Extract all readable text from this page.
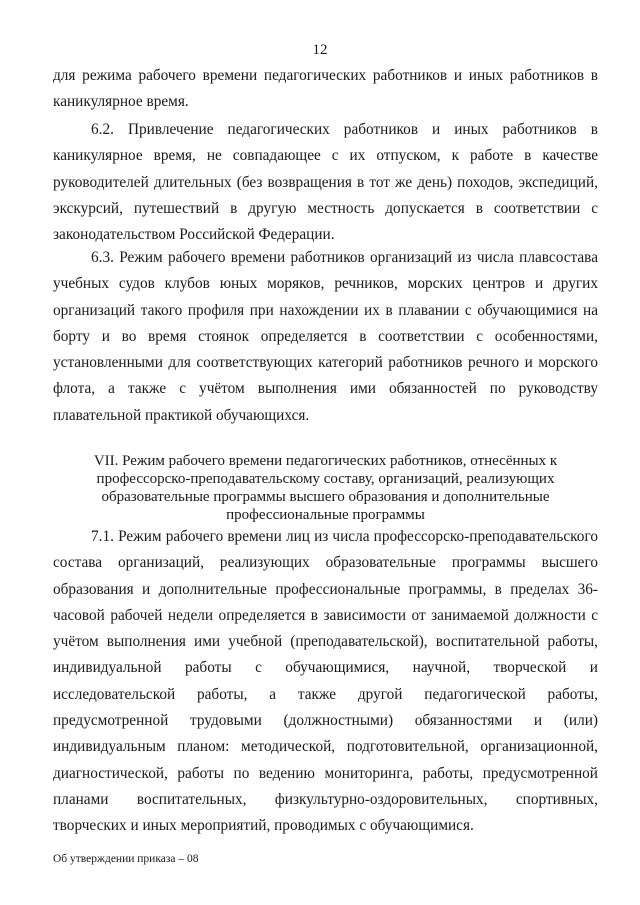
12

для режима рабочего времени педагогических работников и иных работников в каникулярное время.

6.2. Привлечение педагогических работников и иных работников в каникулярное время, не совпадающее с их отпуском, к работе в качестве руководителей длительных (без возвращения в тот же день) походов, экспедиций, экскурсий, путешествий в другую местность допускается в соответствии с законодательством Российской Федерации.

6.3. Режим рабочего времени работников организаций из числа плавсостава учебных судов клубов юных моряков, речников, морских центров и других организаций такого профиля при нахождении их в плавании с обучающимися на борту и во время стоянок определяется в соответствии с особенностями, установленными для соответствующих категорий работников речного и морского флота, а также с учётом выполнения ими обязанностей по руководству плавательной практикой обучающихся.

VII. Режим рабочего времени педагогических работников, отнесённых к профессорско-преподавательскому составу, организаций, реализующих образовательные программы высшего образования и дополнительные профессиональные программы

7.1. Режим рабочего времени лиц из числа профессорско-преподавательского состава организаций, реализующих образовательные программы высшего образования и дополнительные профессиональные программы, в пределах 36-часовой рабочей недели определяется в зависимости от занимаемой должности с учётом выполнения ими учебной (преподавательской), воспитательной работы, индивидуальной работы с обучающимися, научной, творческой и исследовательской работы, а также другой педагогической работы, предусмотренной трудовыми (должностными) обязанностями и (или) индивидуальным планом: методической, подготовительной, организационной, диагностической, работы по ведению мониторинга, работы, предусмотренной планами воспитательных, физкультурно-оздоровительных, спортивных, творческих и иных мероприятий, проводимых с обучающимися.

Об утверждении приказа – 08
